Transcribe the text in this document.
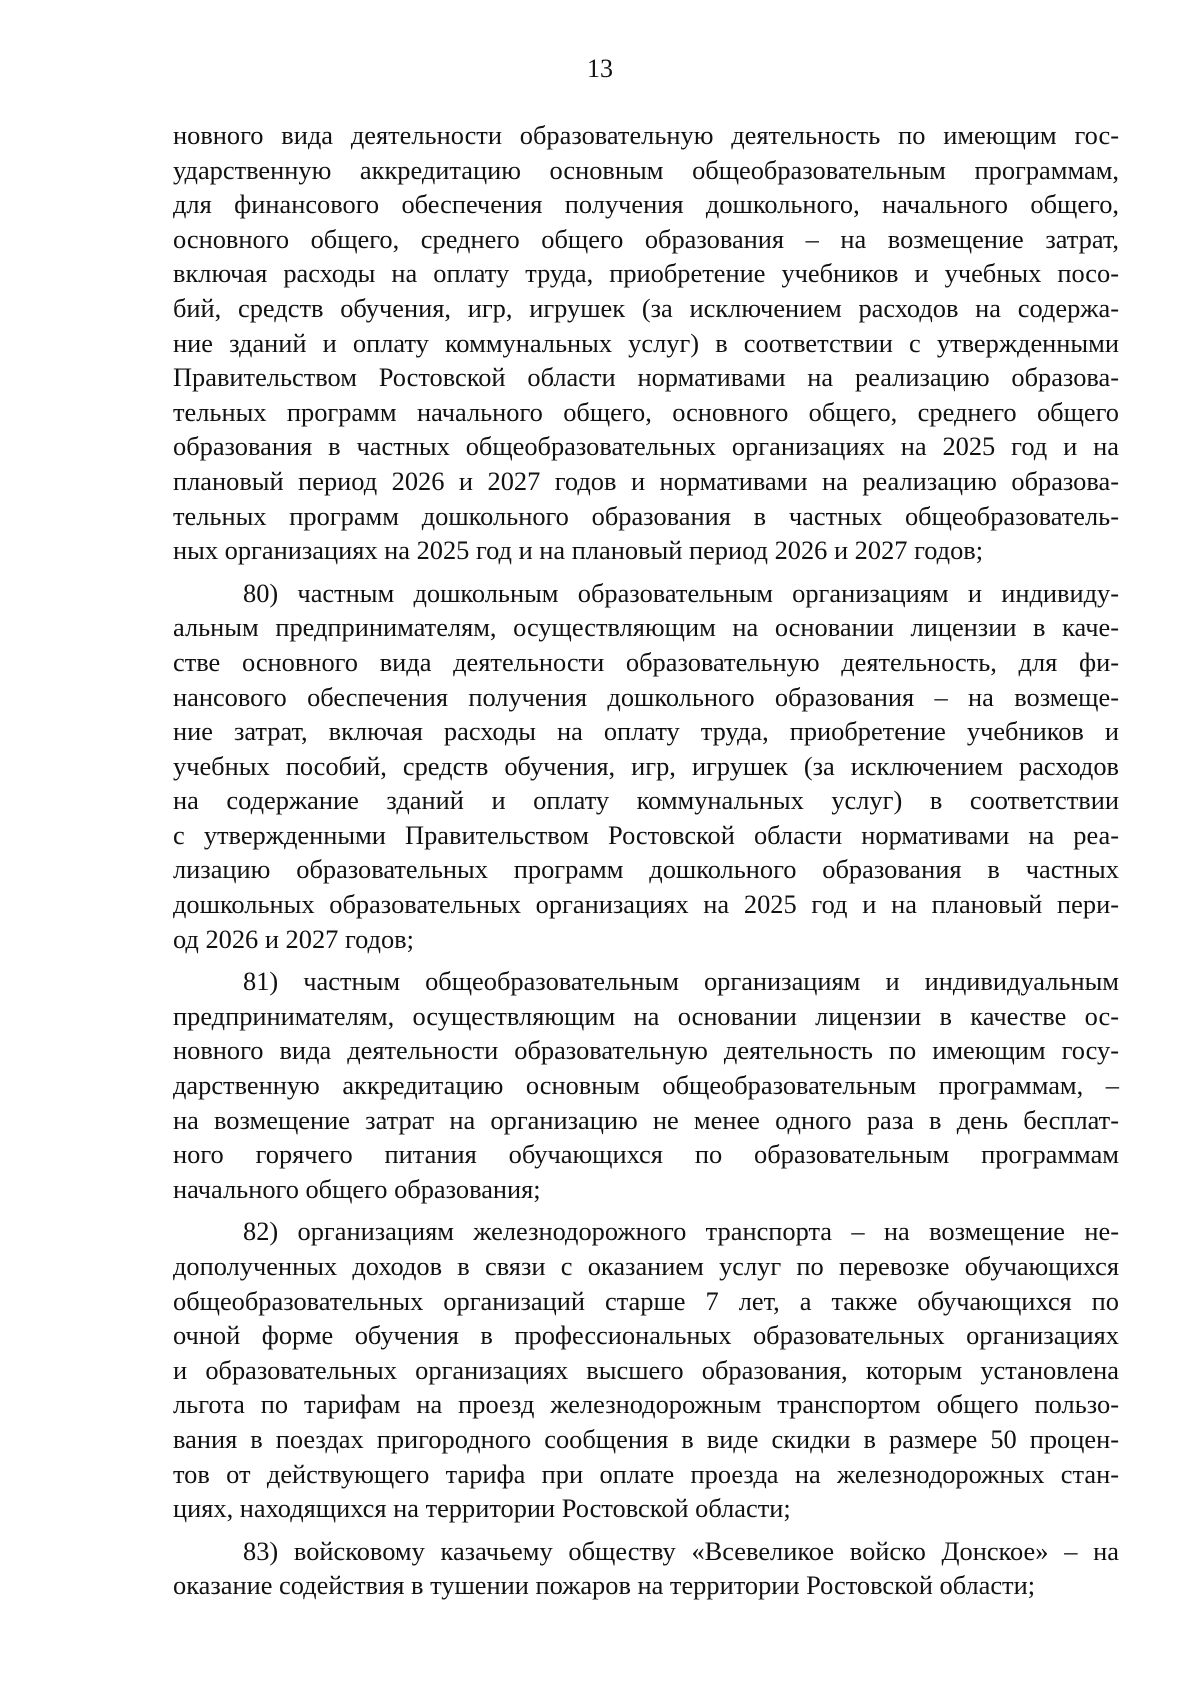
13
новного вида деятельности образовательную деятельность по имеющим гос-
ударственную аккредитацию основным общеобразовательным программам,
для финансового обеспечения получения дошкольного, начального общего,
основного общего, среднего общего образования – на возмещение затрат,
включая расходы на оплату труда, приобретение учебников и учебных посо-
бий, средств обучения, игр, игрушек (за исключением расходов на содержа-
ние зданий и оплату коммунальных услуг) в соответствии с утвержденными
Правительством Ростовской области нормативами на реализацию образова-
тельных программ начального общего, основного общего, среднего общего
образования в частных общеобразовательных организациях на 2025 год и на
плановый период 2026 и 2027 годов и нормативами на реализацию образова-
тельных программ дошкольного образования в частных общеобразователь-
ных организациях на 2025 год и на плановый период 2026 и 2027 годов;
80) частным дошкольным образовательным организациям и индивиду-
альным предпринимателям, осуществляющим на основании лицензии в каче-
стве основного вида деятельности образовательную деятельность, для фи-
нансового обеспечения получения дошкольного образования – на возмеще-
ние затрат, включая расходы на оплату труда, приобретение учебников и
учебных пособий, средств обучения, игр, игрушек (за исключением расходов
на содержание зданий и оплату коммунальных услуг) в соответствии
с утвержденными Правительством Ростовской области нормативами на реа-
лизацию образовательных программ дошкольного образования в частных
дошкольных образовательных организациях на 2025 год и на плановый пери-
од 2026 и 2027 годов;
81) частным общеобразовательным организациям и индивидуальным
предпринимателям, осуществляющим на основании лицензии в качестве ос-
новного вида деятельности образовательную деятельность по имеющим госу-
дарственную аккредитацию основным общеобразовательным программам, –
на возмещение затрат на организацию не менее одного раза в день бесплат-
ного горячего питания обучающихся по образовательным программам
начального общего образования;
82) организациям железнодорожного транспорта – на возмещение не-
дополученных доходов в связи с оказанием услуг по перевозке обучающихся
общеобразовательных организаций старше 7 лет, а также обучающихся по
очной форме обучения в профессиональных образовательных организациях
и образовательных организациях высшего образования, которым установлена
льгота по тарифам на проезд железнодорожным транспортом общего пользо-
вания в поездах пригородного сообщения в виде скидки в размере 50 процен-
тов от действующего тарифа при оплате проезда на железнодорожных стан-
циях, находящихся на территории Ростовской области;
83) войсковому казачьему обществу «Всевеликое войско Донское» – на
оказание содействия в тушении пожаров на территории Ростовской области;
